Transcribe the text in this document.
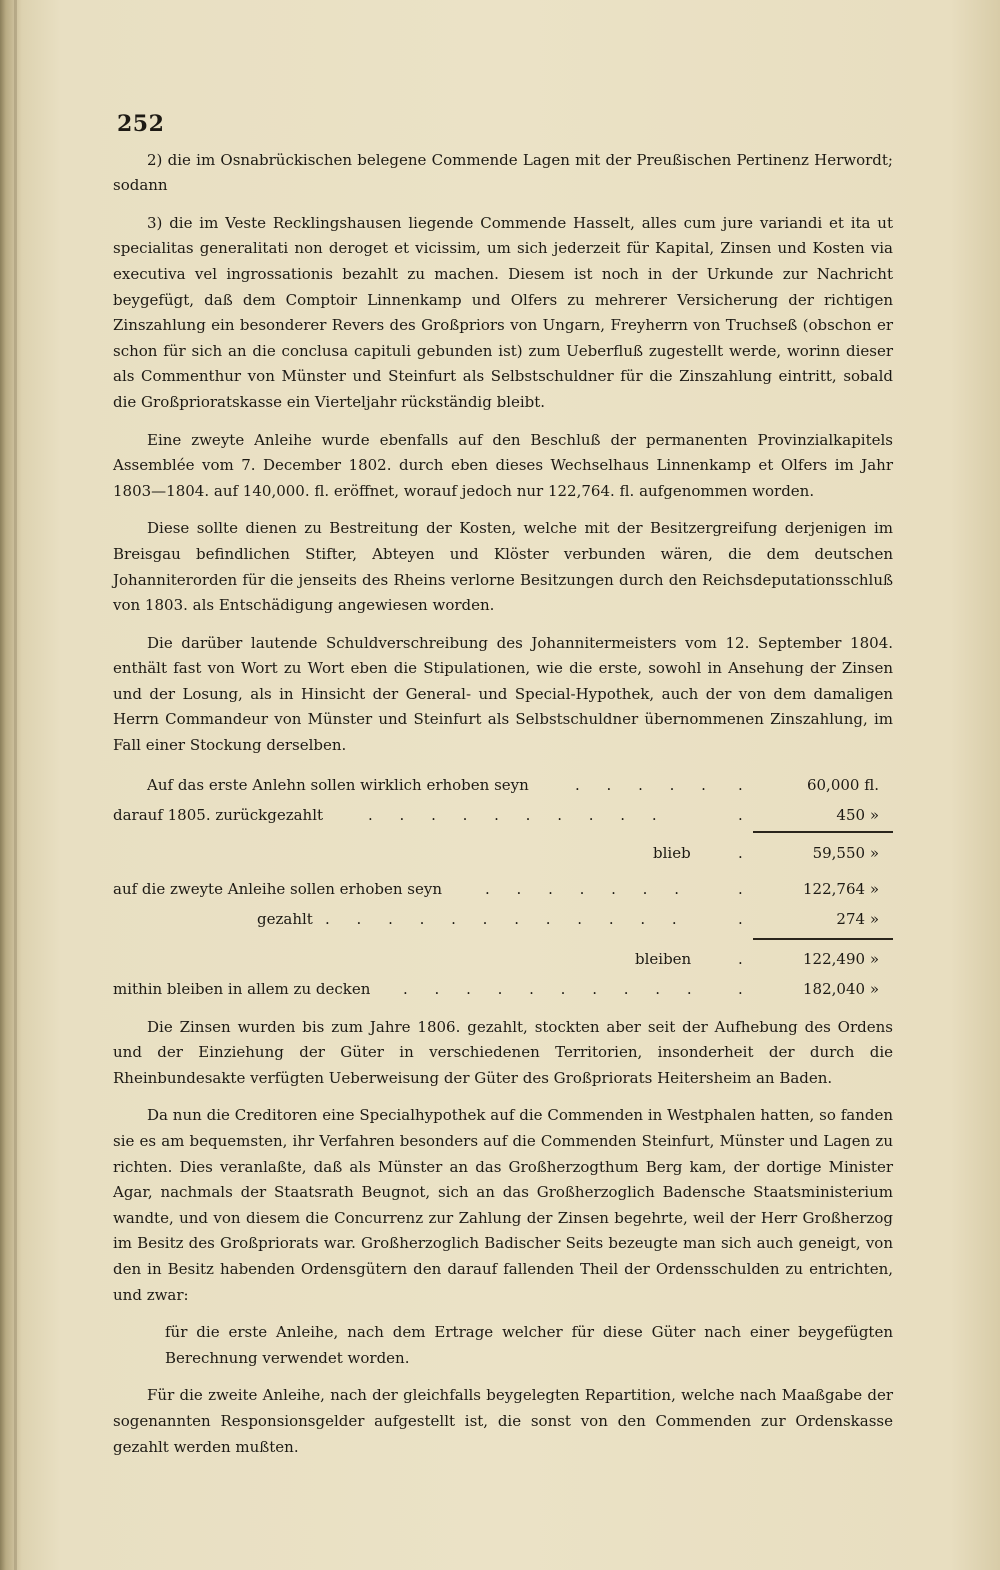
252

2) die im Osnabrückischen belegene Commende Lagen mit der Preußischen Pertinenz Herwordt; sodann

3) die im Veste Recklingshausen liegende Commende Hasselt, alles cum jure variandi et ita ut specialitas generalitati non deroget et vicissim, um sich jederzeit für Kapital, Zinsen und Kosten via executiva vel ingrossationis bezahlt zu machen. Diesem ist noch in der Urkunde zur Nachricht beygefügt, daß dem Comptoir Linnenkamp und Olfers zu mehrerer Versicherung der richtigen Zinszahlung ein besonderer Revers des Großpriors von Ungarn, Freyherrn von Truchseß (obschon er schon für sich an die conclusa capituli gebunden ist) zum Ueberfluß zugestellt werde, worinn dieser als Commenthur von Münster und Steinfurt als Selbstschuldner für die Zinszahlung eintritt, sobald die Großprioratskasse ein Vierteljahr rückständig bleibt.

Eine zweyte Anleihe wurde ebenfalls auf den Beschluß der permanenten Provinzialkapitels Assemblée vom 7. December 1802. durch eben dieses Wechselhaus Linnenkamp et Olfers im Jahr 1803—1804. auf 140,000. fl. eröffnet, worauf jedoch nur 122,764. fl. aufgenommen worden.

Diese sollte dienen zu Bestreitung der Kosten, welche mit der Besitzergreifung derjenigen im Breisgau befindlichen Stifter, Abteyen und Klöster verbunden wären, die dem deutschen Johanniterorden für die jenseits des Rheins verlorne Besitzungen durch den Reichsdeputationsschluß von 1803. als Entschädigung angewiesen worden.

Die darüber lautende Schuldverschreibung des Johannitermeisters vom 12. September 1804. enthält fast von Wort zu Wort eben die Stipulationen, wie die erste, sowohl in Ansehung der Zinsen und der Losung, als in Hinsicht der General- und Special-Hypothek, auch der von dem damaligen Herrn Commandeur von Münster und Steinfurt als Selbstschuldner übernommenen Zinszahlung, im Fall einer Stockung derselben.

Auf das erste Anlehn sollen wirklich erhoben seyn	. . . . .	.	60,000 fl.
darauf 1805. zurückgezahlt	. . . . . . . . . .	.	450 »
blieb	.	59,550 »
auf die zweyte Anleihe sollen erhoben seyn	. . . . . . .	.	122,764 »
gezahlt . . . . . . . . . . . .	.	274 »
bleiben	.	122,490 »
mithin bleiben in allem zu decken . . . . . . . . . .	.	182,040 »

Die Zinsen wurden bis zum Jahre 1806. gezahlt, stockten aber seit der Aufhebung des Ordens und der Einziehung der Güter in verschiedenen Territorien, insonderheit der durch die Rheinbundesakte verfügten Ueberweisung der Güter des Großpriorats Heitersheim an Baden.

Da nun die Creditoren eine Specialhypothek auf die Commenden in Westphalen hatten, so fanden sie es am bequemsten, ihr Verfahren besonders auf die Commenden Steinfurt, Münster und Lagen zu richten. Dies veranlaßte, daß als Münster an das Großherzogthum Berg kam, der dortige Minister Agar, nachmals der Staatsrath Beugnot, sich an das Großherzoglich Badensche Staatsministerium wandte, und von diesem die Concurrenz zur Zahlung der Zinsen begehrte, weil der Herr Großherzog im Besitz des Großpriorats war. Großherzoglich Badischer Seits bezeugte man sich auch geneigt, von den in Besitz habenden Ordensgütern den darauf fallenden Theil der Ordensschulden zu entrichten, und zwar:

für die erste Anleihe, nach dem Ertrage welcher für diese Güter nach einer beygefügten Berechnung verwendet worden.

Für die zweite Anleihe, nach der gleichfalls beygelegten Repartition, welche nach Maaßgabe der sogenannten Responsionsgelder aufgestellt ist, die sonst von den Commenden zur Ordenskasse gezahlt werden mußten.
